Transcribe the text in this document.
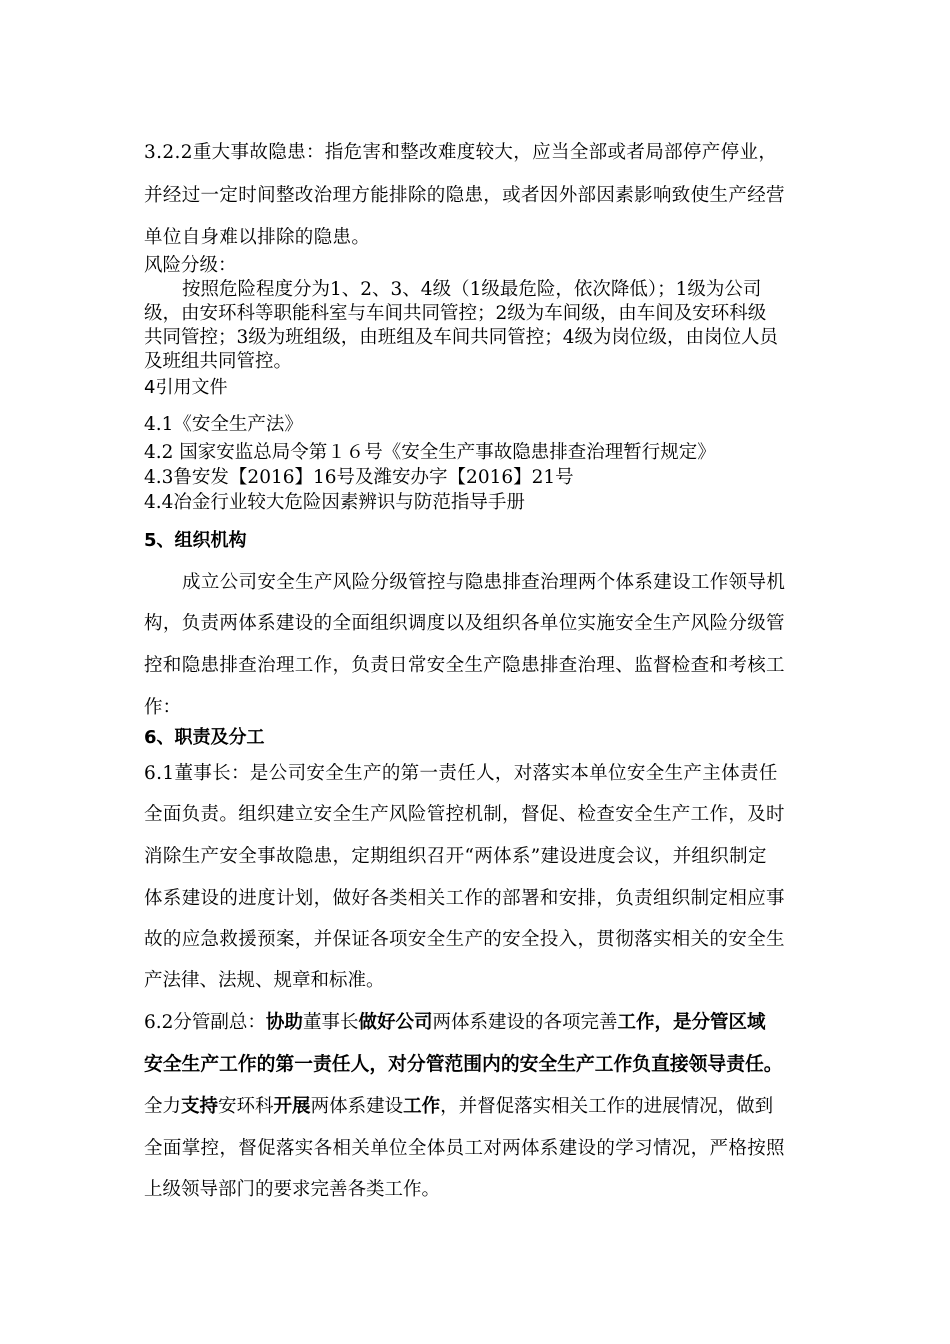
3.2.2重大事故隐患：指危害和整改难度较大，应当全部或者局部停产停业，
并经过一定时间整改治理方能排除的隐患，或者因外部因素影响致使生产经营
单位自身难以排除的隐患。
风险分级：
按照危险程度分为1、2、3、4级（1级最危险，依次降低）；1级为公司
级，由安环科等职能科室与车间共同管控；2级为车间级，由车间及安环科级
共同管控；3级为班组级，由班组及车间共同管控；4级为岗位级，由岗位人员
及班组共同管控。
4引用文件
4.1《安全生产法》
4.2 国家安监总局令第１６号《安全生产事故隐患排查治理暂行规定》
4.3鲁安发【2016】16号及潍安办字【2016】21号
4.4冶金行业较大危险因素辨识与防范指导手册
5、组织机构
成立公司安全生产风险分级管控与隐患排查治理两个体系建设工作领导机
构，负责两体系建设的全面组织调度以及组织各单位实施安全生产风险分级管
控和隐患排查治理工作，负责日常安全生产隐患排查治理、监督检查和考核工
作：
6、职责及分工
6.1董事长：是公司安全生产的第一责任人，对落实本单位安全生产主体责任
全面负责。组织建立安全生产风险管控机制，督促、检查安全生产工作，及时
消除生产安全事故隐患，定期组织召开“两体系”建设进度会议，并组织制定
体系建设的进度计划，做好各类相关工作的部署和安排，负责组织制定相应事
故的应急救援预案，并保证各项安全生产的安全投入，贯彻落实相关的安全生
产法律、法规、规章和标准。
6.2分管副总：协助董事长做好公司两体系建设的各项完善工作，是分管区域
安全生产工作的第一责任人，对分管范围内的安全生产工作负直接领导责任。
全力支持安环科开展两体系建设工作，并督促落实相关工作的进展情况，做到
全面掌控，督促落实各相关单位全体员工对两体系建设的学习情况，严格按照
上级领导部门的要求完善各类工作。
